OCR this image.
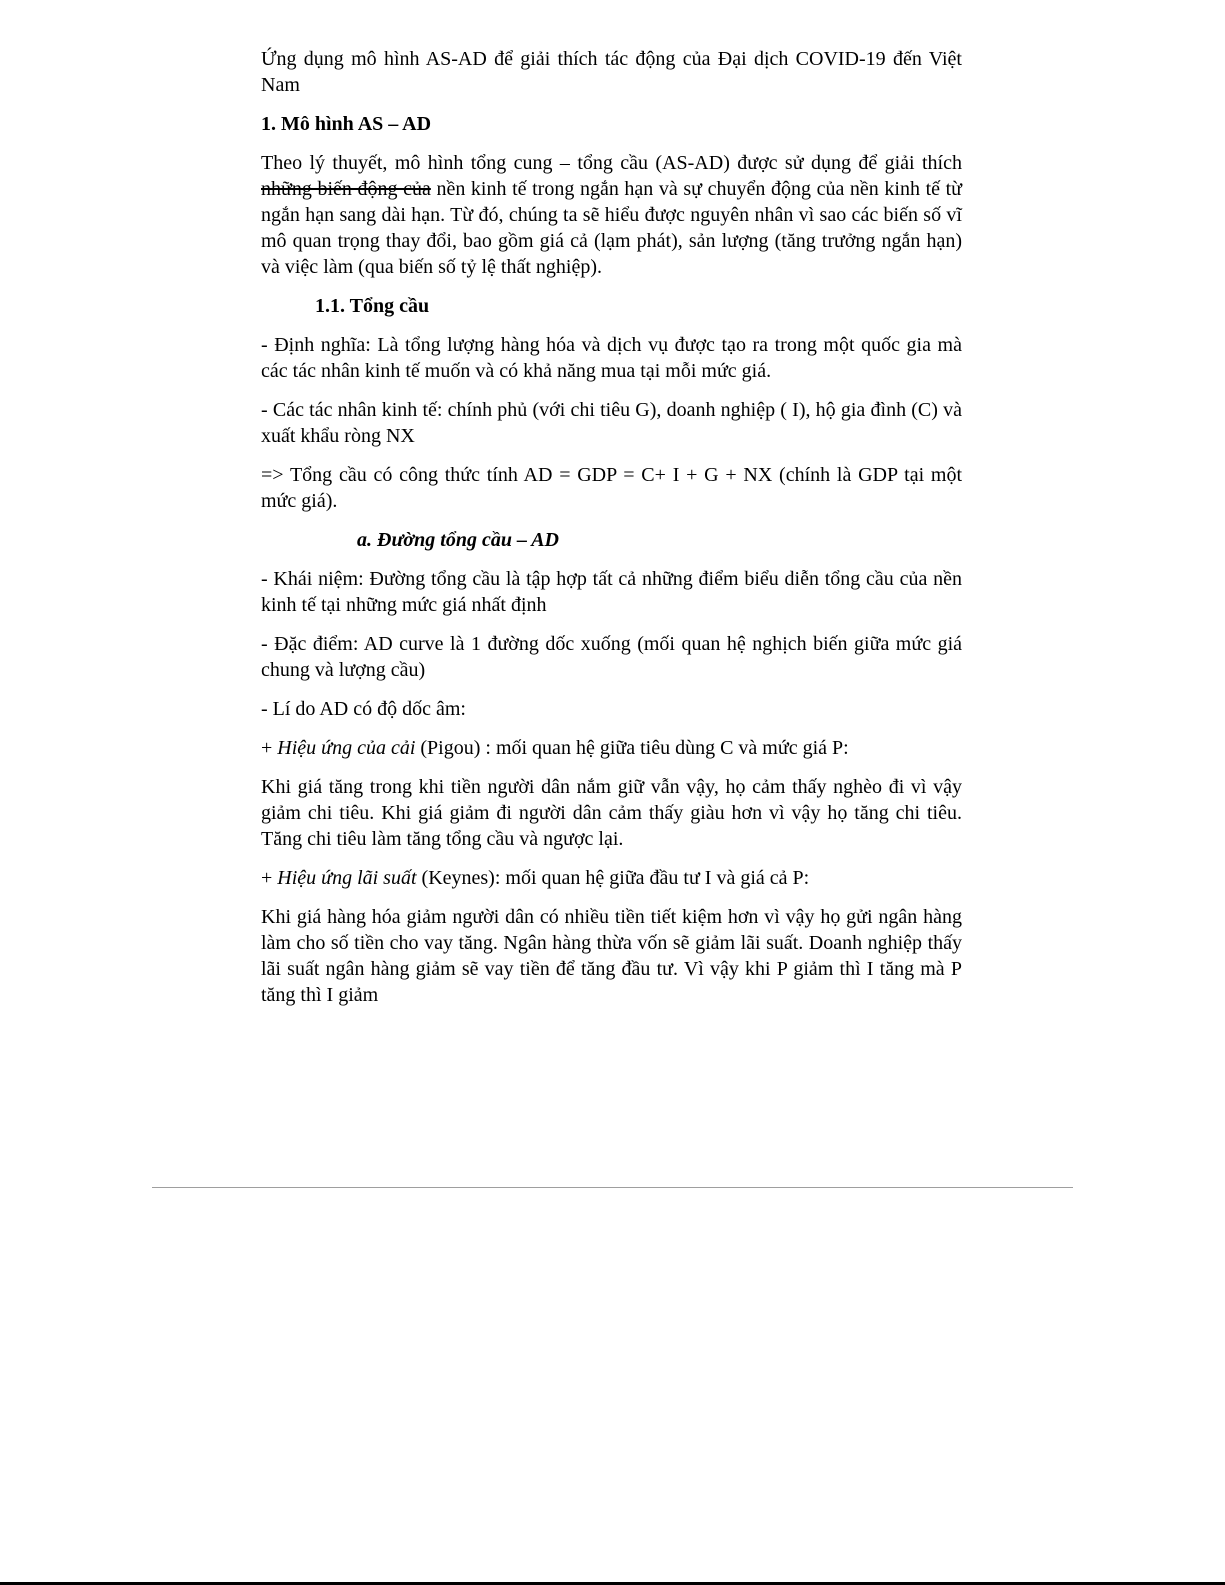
Ứng dụng mô hình AS-AD để giải thích tác động của Đại dịch COVID-19 đến Việt Nam

1. Mô hình AS – AD

Theo lý thuyết, mô hình tổng cung – tổng cầu (AS-AD) được sử dụng để giải thích những biến động của nền kinh tế trong ngắn hạn và sự chuyển động của nền kinh tế từ ngắn hạn sang dài hạn. Từ đó, chúng ta sẽ hiểu được nguyên nhân vì sao các biến số vĩ mô quan trọng thay đổi, bao gồm giá cả (lạm phát), sản lượng (tăng trưởng ngắn hạn) và việc làm (qua biến số tỷ lệ thất nghiệp).

1.1. Tổng cầu

- Định nghĩa: Là tổng lượng hàng hóa và dịch vụ được tạo ra trong một quốc gia mà các tác nhân kinh tế muốn và có khả năng mua tại mỗi mức giá.

- Các tác nhân kinh tế: chính phủ (với chi tiêu G), doanh nghiệp ( I), hộ gia đình (C) và xuất khẩu ròng NX

=> Tổng cầu có công thức tính AD = GDP = C+ I + G + NX (chính là GDP tại một mức giá).

a. Đường tổng cầu – AD

- Khái niệm: Đường tổng cầu là tập hợp tất cả những điểm biểu diễn tổng cầu của nền kinh tế tại những mức giá nhất định

- Đặc điểm: AD curve là 1 đường dốc xuống (mối quan hệ nghịch biến giữa mức giá chung và lượng cầu)

- Lí do AD có độ dốc âm:

+ Hiệu ứng của cải (Pigou) : mối quan hệ giữa tiêu dùng C và mức giá P:

Khi giá tăng trong khi tiền người dân nắm giữ vẫn vậy, họ cảm thấy nghèo đi vì vậy giảm chi tiêu. Khi giá giảm đi người dân cảm thấy giàu hơn vì vậy họ tăng chi tiêu. Tăng chi tiêu làm tăng tổng cầu và ngược lại.

+ Hiệu ứng lãi suất (Keynes): mối quan hệ giữa đầu tư I và giá cả P:

Khi giá hàng hóa giảm người dân có nhiều tiền tiết kiệm hơn vì vậy họ gửi ngân hàng làm cho số tiền cho vay tăng. Ngân hàng thừa vốn sẽ giảm lãi suất. Doanh nghiệp thấy lãi suất ngân hàng giảm sẽ vay tiền để tăng đầu tư. Vì vậy khi P giảm thì I tăng mà P tăng thì I giảm
